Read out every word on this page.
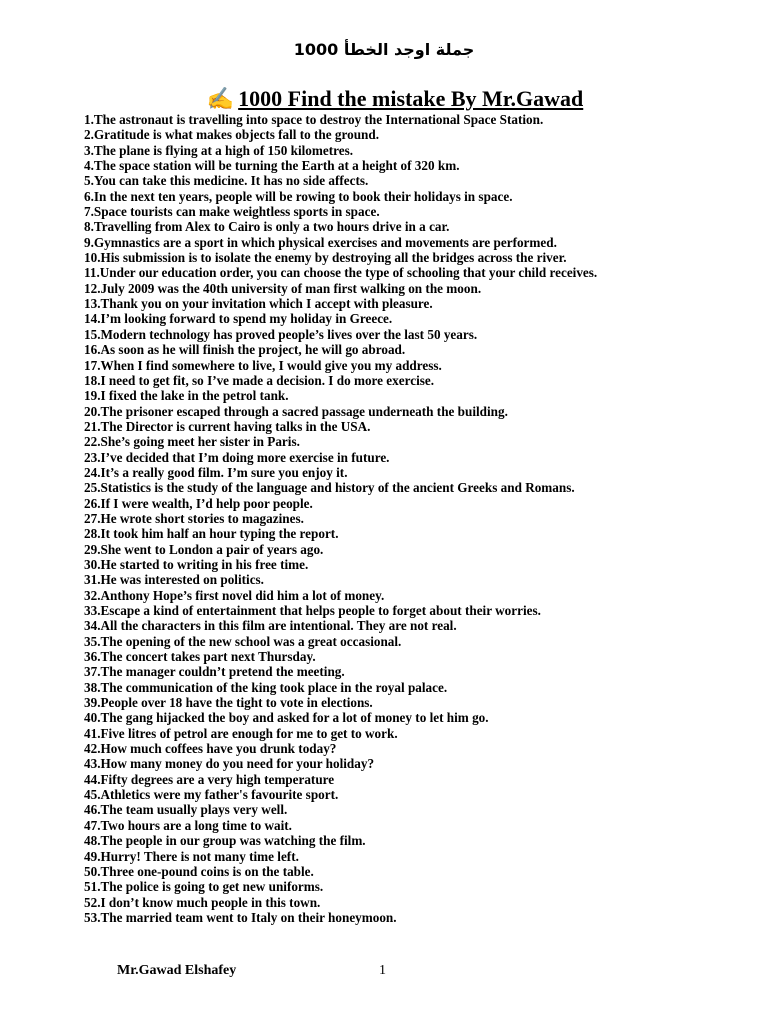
جملة اوجد الخطأ 1000
✍ 1000 Find the mistake By Mr.Gawad
1.The astronaut is travelling into space to destroy the International Space Station.
2.Gratitude is what makes objects fall to the ground.
3.The plane is flying at a high of 150 kilometres.
4.The space station will be turning the Earth at a height of 320 km.
5.You can take this medicine. It has no side affects.
6.In the next ten years, people will be rowing to book their holidays in space.
7.Space tourists can make weightless sports in space.
8.Travelling from Alex to Cairo is only a two hours drive in a car.
9.Gymnastics are a sport in which physical exercises and movements are performed.
10.His submission is to isolate the enemy by destroying all the bridges across the river.
11.Under our education order, you can choose the type of schooling that your child receives.
12.July 2009 was the 40th university of man first walking on the moon.
13.Thank you on your invitation which I accept with pleasure.
14.I’m looking forward to spend my holiday in Greece.
15.Modern technology has proved people’s lives over the last 50 years.
16.As soon as he will finish the project, he will go abroad.
17.When I find somewhere to live, I would give you my address.
18.I need to get fit, so I’ve made a decision. I do more exercise.
19.I fixed the lake in the petrol tank.
20.The prisoner escaped through a sacred passage underneath the building.
21.The Director is current having talks in the USA.
22.She’s going meet her sister in Paris.
23.I’ve decided that I’m doing more exercise in future.
24.It’s a really good film. I’m sure you enjoy it.
25.Statistics is the study of the language and history of the ancient Greeks and Romans.
26.If I were wealth, I’d help poor people.
27.He wrote short stories to magazines.
28.It took him half an hour typing the report.
29.She went to London a pair of years ago.
30.He started to writing in his free time.
31.He was interested on politics.
32.Anthony Hope’s first novel did him a lot of money.
33.Escape a kind of entertainment that helps people to forget about their worries.
34.All the characters in this film are intentional. They are not real.
35.The opening of the new school was a great occasional.
36.The concert takes part next Thursday.
37.The manager couldn’t pretend the meeting.
38.The communication of the king took place in the royal palace.
39.People over 18 have the tight to vote in elections.
40.The gang hijacked the boy and asked for a lot of money to let him go.
41.Five litres of petrol are enough for me to get to work.
42.How much coffees have you drunk today?
43.How many money do you need for your holiday?
44.Fifty degrees are a very high temperature
45.Athletics were my father's favourite sport.
46.The team usually plays very well.
47.Two hours are a long time to wait.
48.The people in our group was watching the film.
49.Hurry! There is not many time left.
50.Three one-pound coins is on the table.
51.The police is going to get new uniforms.
52.I don’t know much people in this town.
53.The married team went to Italy on their honeymoon.
Mr.Gawad Elshafey	1
